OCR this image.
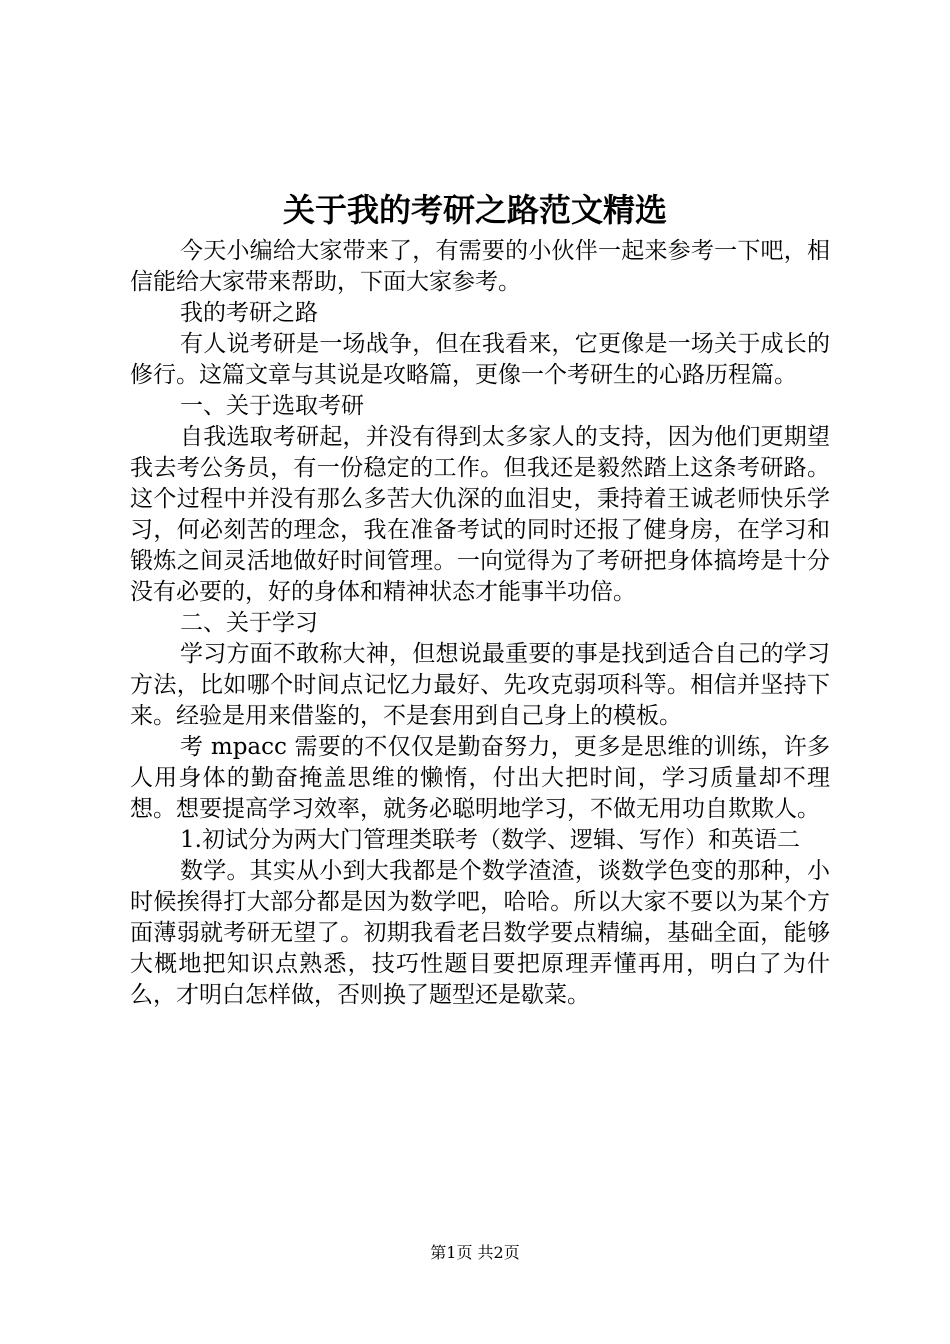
关于我的考研之路范文精选

今天小编给大家带来了，有需要的小伙伴一起来参考一下吧，相信能给大家带来帮助，下面大家参考。

我的考研之路

有人说考研是一场战争，但在我看来，它更像是一场关于成长的修行。这篇文章与其说是攻略篇，更像一个考研生的心路历程篇。

一、关于选取考研

自我选取考研起，并没有得到太多家人的支持，因为他们更期望我去考公务员，有一份稳定的工作。但我还是毅然踏上这条考研路。这个过程中并没有那么多苦大仇深的血泪史，秉持着王诚老师快乐学习，何必刻苦的理念，我在准备考试的同时还报了健身房，在学习和锻炼之间灵活地做好时间管理。一向觉得为了考研把身体搞垮是十分没有必要的，好的身体和精神状态才能事半功倍。

二、关于学习

学习方面不敢称大神，但想说最重要的事是找到适合自己的学习方法，比如哪个时间点记忆力最好、先攻克弱项科等。相信并坚持下来。经验是用来借鉴的，不是套用到自己身上的模板。

考 mpacc 需要的不仅仅是勤奋努力，更多是思维的训练，许多人用身体的勤奋掩盖思维的懒惰，付出大把时间，学习质量却不理想。想要提高学习效率，就务必聪明地学习，不做无用功自欺欺人。

1.初试分为两大门管理类联考（数学、逻辑、写作）和英语二

数学。其实从小到大我都是个数学渣渣，谈数学色变的那种，小时候挨得打大部分都是因为数学吧，哈哈。所以大家不要以为某个方面薄弱就考研无望了。初期我看老吕数学要点精编，基础全面，能够大概地把知识点熟悉，技巧性题目要把原理弄懂再用，明白了为什么，才明白怎样做，否则换了题型还是歇菜。

第1页 共2页
